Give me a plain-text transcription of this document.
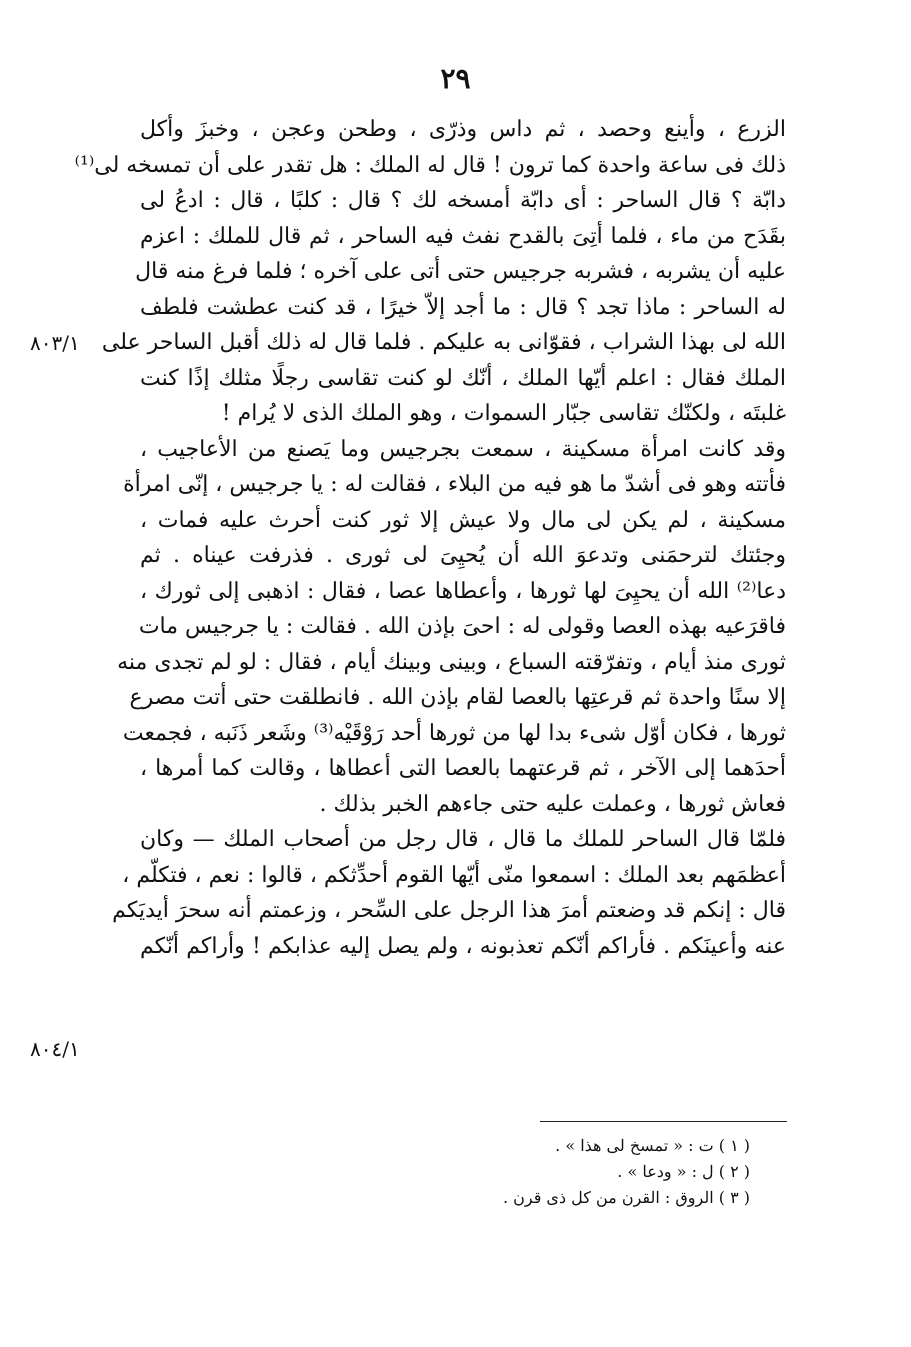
٢٩
٨٠٣/١
٨٠٤/١
الزرع ، وأينع وحصد ، ثم داس وذرّى ، وطحن وعجن ، وخبزَ وأكل
ذلك فى ساعة واحدة كما ترون ! قال له الملك : هل تقدر على أن تمسخه لى⁽¹⁾
دابّة ؟ قال الساحر : أى دابّة أمسخه لك ؟ قال : كلبًا ، قال : ادعُ لى
بقَدَح من ماء ، فلما أتِىَ بالقدح نفث فيه الساحر ، ثم قال للملك : اعزم
عليه أن يشربه ، فشربه جرجيس حتى أتى على آخره ؛ فلما فرغ منه قال
له الساحر : ماذا تجد ؟ قال : ما أجد إلاّ خيرًا ، قد كنت عطشت فلطف
الله لى بهذا الشراب ، فقوّانى به عليكم . فلما قال له ذلك أقبل الساحر على
الملك فقال : اعلم أيّها الملك ، أنّك لو كنت تقاسى رجلًا مثلك إذًا كنت
غلبتَه ، ولكنّك تقاسى جبّار السموات ، وهو الملك الذى لا يُرام !
وقد كانت امرأة مسكينة ، سمعت بجرجيس وما يَصنع من الأعاجيب ،
فأتته وهو فى أشدّ ما هو فيه من البلاء ، فقالت له : يا جرجيس ، إنّى امرأة
مسكينة ، لم يكن لى مال ولا عيش إلا ثور كنت أحرث عليه فمات ،
وجئتك لترحمَنى وتدعوَ الله أن يُحيِىَ لى ثورى . فذرفت عيناه . ثم
دعا⁽²⁾ الله أن يحيِىَ لها ثورها ، وأعطاها عصا ، فقال : اذهبى إلى ثورك ،
فاقرَعيه بهذه العصا وقولى له : احىَ بإذن الله . فقالت : يا جرجيس مات
ثورى منذ أيام ، وتفرّقته السباع ، وبينى وبينك أيام ، فقال : لو لم تجدى منه
إلا سنًا واحدة ثم قرعتِها بالعصا لقام بإذن الله . فانطلقت حتى أتت مصرع
ثورها ، فكان أوّل شىء بدا لها من ثورها أحد رَوْقَيْه⁽³⁾ وشَعر ذَنَبه ، فجمعت
أحدَهما إلى الآخر ، ثم قرعتهما بالعصا التى أعطاها ، وقالت كما أمرها ،
فعاش ثورها ، وعملت عليه حتى جاءهم الخبر بذلك .
فلمّا قال الساحر للملك ما قال ، قال رجل من أصحاب الملك — وكان
أعظمَهم بعد الملك : اسمعوا منّى أيّها القوم أحدِّثكم ، قالوا : نعم ، فتكلّم ،
قال : إنكم قد وضعتم أمرَ هذا الرجل على السِّحر ، وزعمتم أنه سحرَ أيديَكم
عنه وأعينَكم . فأراكم أنّكم تعذبونه ، ولم يصل إليه عذابكم ! وأراكم أنّكم
( ١ ) ت : « تمسخ لى هذا » .
( ٢ ) ل : « ودعا » .
( ٣ ) الروق : القرن من كل ذى قرن .
